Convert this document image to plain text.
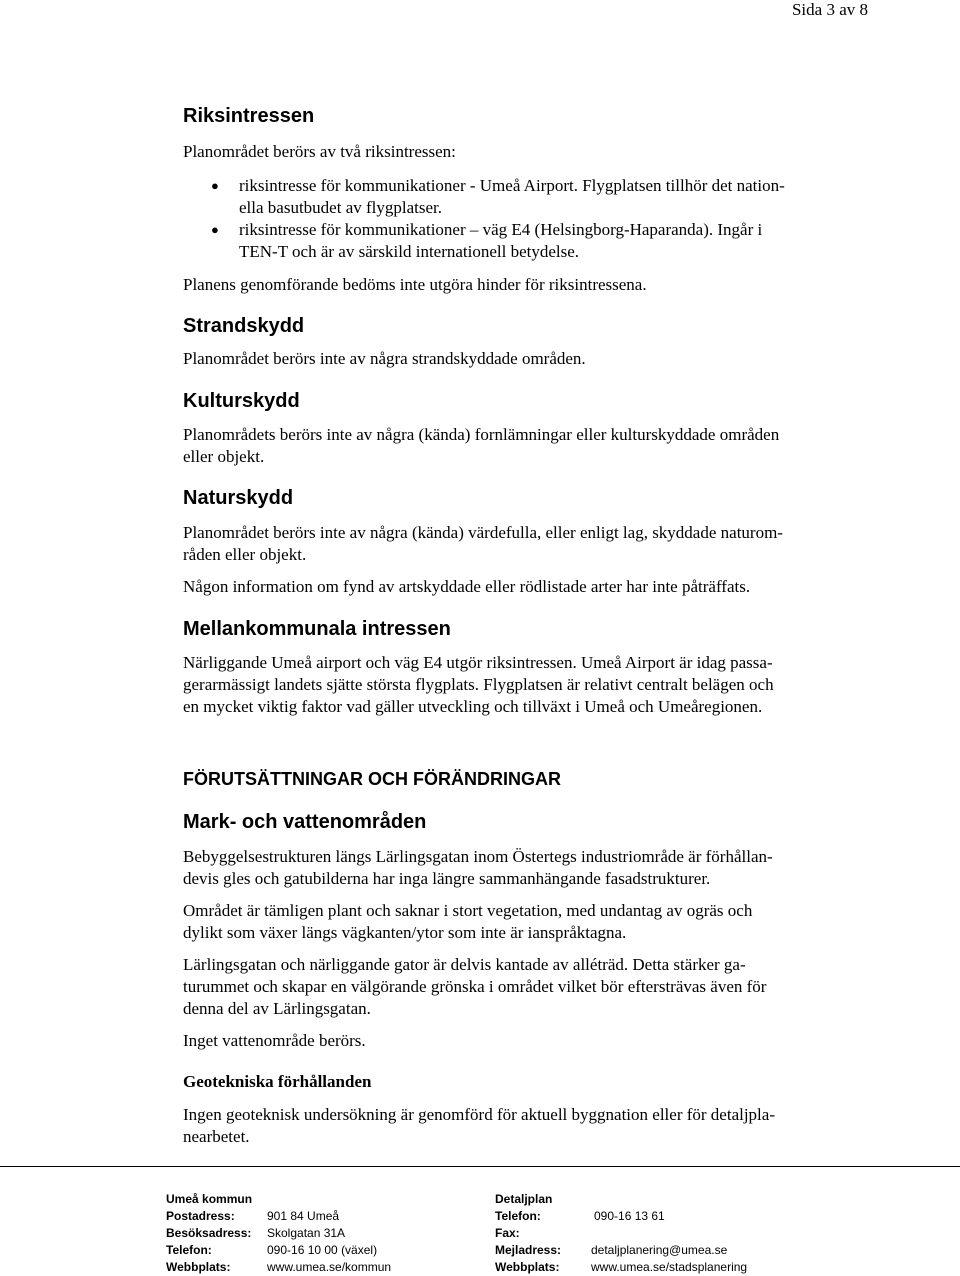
Sida 3 av 8
Riksintressen
Planområdet berörs av två riksintressen:
● riksintresse för kommunikationer - Umeå Airport. Flygplatsen tillhör det nation-
ella basutbudet av flygplatser.
● riksintresse för kommunikationer – väg E4 (Helsingborg-Haparanda). Ingår i
TEN-T och är av särskild internationell betydelse.
Planens genomförande bedöms inte utgöra hinder för riksintressena.
Strandskydd
Planområdet berörs inte av några strandskyddade områden.
Kulturskydd
Planområdets berörs inte av några (kända) fornlämningar eller kulturskyddade områden
eller objekt.
Naturskydd
Planområdet berörs inte av några (kända) värdefulla, eller enligt lag, skyddade naturom-
råden eller objekt.
Någon information om fynd av artskyddade eller rödlistade arter har inte påträffats.
Mellankommunala intressen
Närliggande Umeå airport och väg E4 utgör riksintressen. Umeå Airport är idag passa-
gerarmässigt landets sjätte största flygplats. Flygplatsen är relativt centralt belägen och
en mycket viktig faktor vad gäller utveckling och tillväxt i Umeå och Umeåregionen.
FÖRUTSÄTTNINGAR OCH FÖRÄNDRINGAR
Mark- och vattenområden
Bebyggelsestrukturen längs Lärlingsgatan inom Östertegs industriområde är förhållan-
devis gles och gatubilderna har inga längre sammanhängande fasadstrukturer.
Området är tämligen plant och saknar i stort vegetation, med undantag av ogräs och
dylikt som växer längs vägkanten/ytor som inte är ianspråktagna.
Lärlingsgatan och närliggande gator är delvis kantade av alléträd. Detta stärker ga-
turummet och skapar en välgörande grönska i området vilket bör eftersträvas även för
denna del av Lärlingsgatan.
Inget vattenområde berörs.
Geotekniska förhållanden
Ingen geoteknisk undersökning är genomförd för aktuell byggnation eller för detaljpla-
nearbetet.
Umeå kommun
Postadress:	901 84 Umeå
Besöksadress: Skolgatan 31A
Telefon:	090-16 10 00 (växel)
Webbplats:	www.umea.se/kommun
Detaljplan
Telefon:	090-16 13 61
Fax:
Mejladress: detaljplanering@umea.se
Webbplats:	www.umea.se/stadsplanering
